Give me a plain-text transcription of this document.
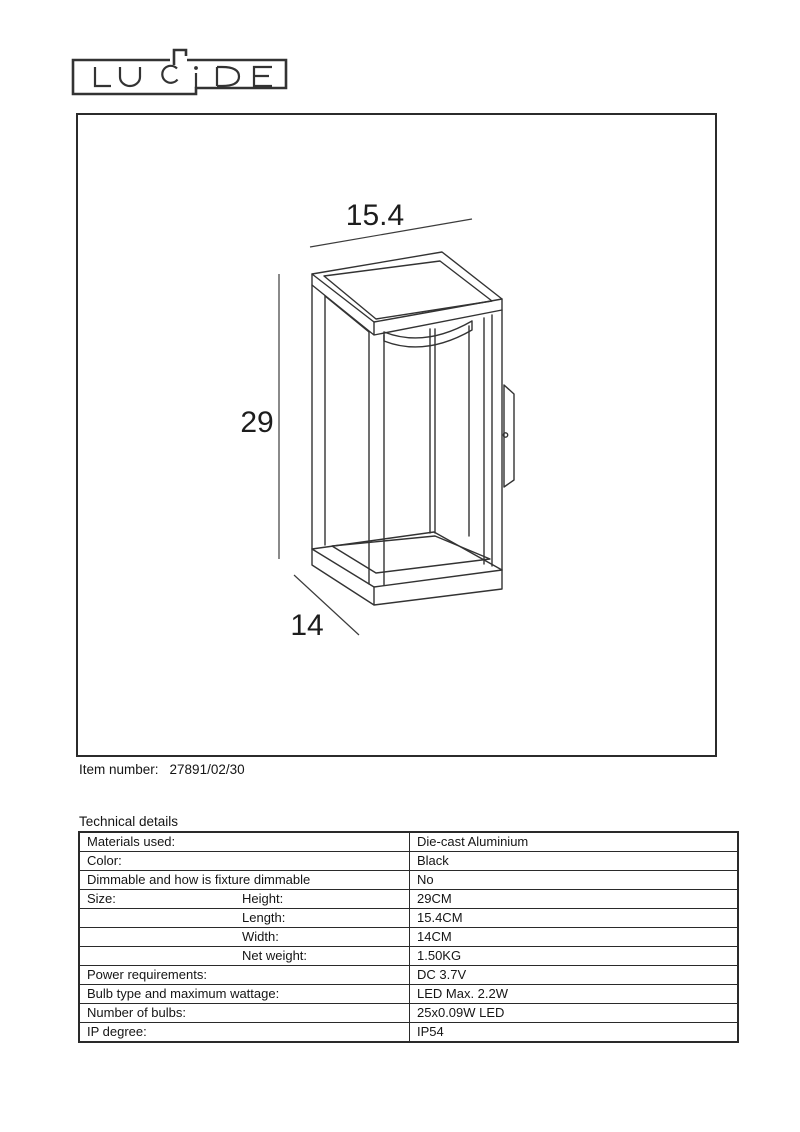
15.4
29
14
Item number: 27891/02/30
Technical details
Materials used:	Die-cast Aluminium
Color:	Black
Dimmable and how is fixture dimmable	No
Size: Height:	29CM
Length:	15.4CM
Width:	14CM
Net weight:	1.50KG
Power requirements:	DC 3.7V
Bulb type and maximum wattage:	LED Max. 2.2W
Number of bulbs:	25x0.09W LED
IP degree:	IP54
